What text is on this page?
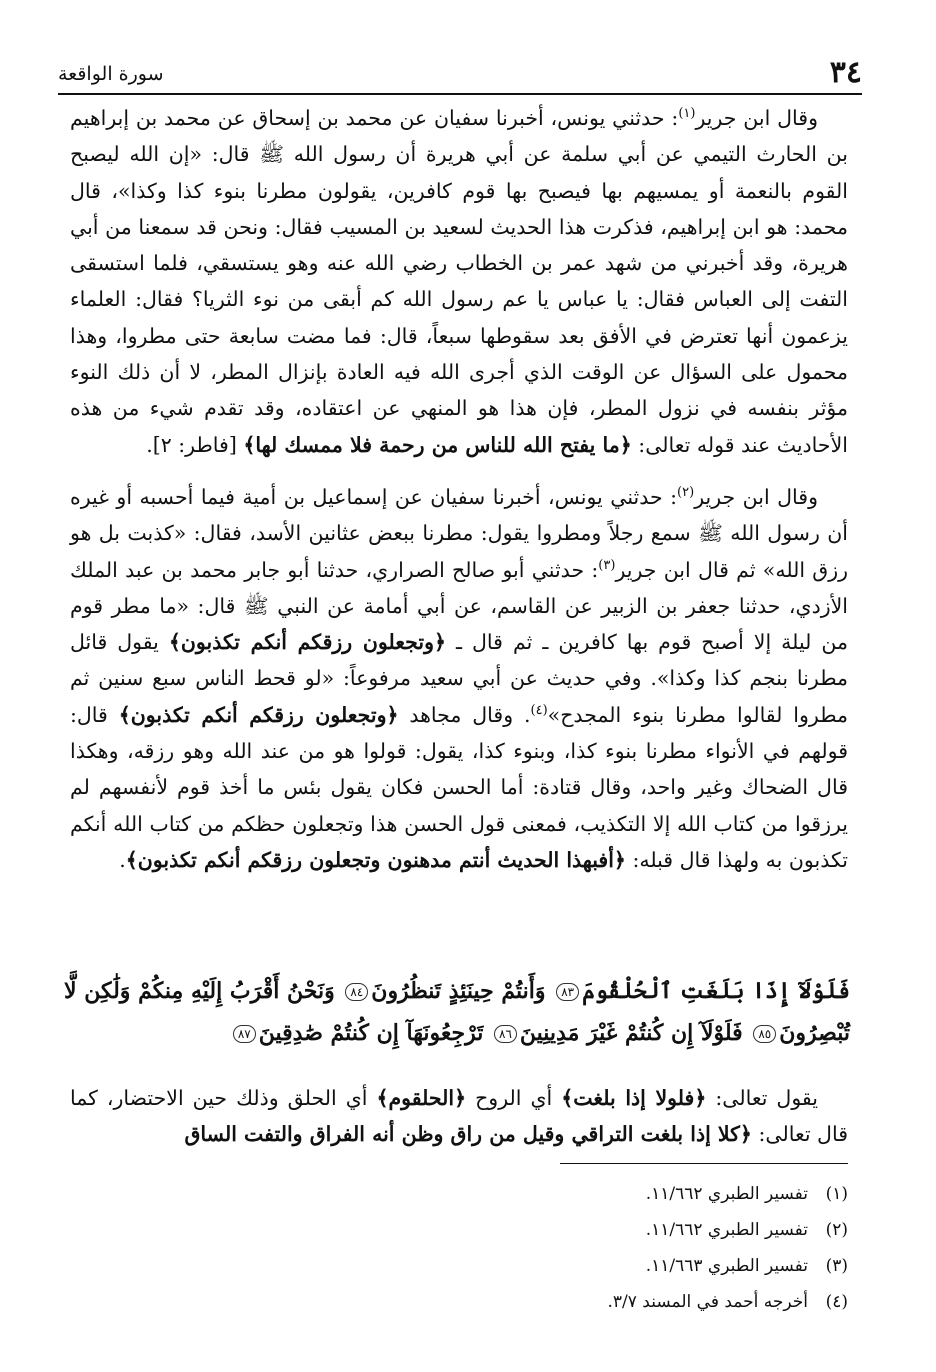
٣٤
سورة الواقعة

وقال ابن جرير$^{(١)}$: حدثني يونس، أخبرنا سفيان عن محمد بن إسحاق عن محمد بن إبراهيم بن الحارث التيمي عن أبي سلمة عن أبي هريرة أن رسول الله ﷺ قال: «إن الله ليصبح القوم بالنعمة أو يمسيهم بها فيصبح بها قوم كافرين، يقولون مطرنا بنوء كذا وكذا»، قال محمد: هو ابن إبراهيم، فذكرت هذا الحديث لسعيد بن المسيب فقال: ونحن قد سمعنا من أبي هريرة، وقد أخبرني من شهد عمر بن الخطاب رضي الله عنه وهو يستسقي، فلما استسقى التفت إلى العباس فقال: يا عباس يا عم رسول الله كم أبقى من نوء الثريا؟ فقال: العلماء يزعمون أنها تعترض في الأفق بعد سقوطها سبعاً، قال: فما مضت سابعة حتى مطروا، وهذا محمول على السؤال عن الوقت الذي أجرى الله فيه العادة بإنزال المطر، لا أن ذلك النوء مؤثر بنفسه في نزول المطر، فإن هذا هو المنهي عن اعتقاده، وقد تقدم شيء من هذه الأحاديث عند قوله تعالى: ﴿ما يفتح الله للناس من رحمة فلا ممسك لها﴾ [فاطر: ٢].

وقال ابن جرير$^{(٢)}$: حدثني يونس، أخبرنا سفيان عن إسماعيل بن أمية فيما أحسبه أو غيره أن رسول الله ﷺ سمع رجلاً ومطروا يقول: مطرنا ببعض عثانين الأسد، فقال: «كذبت بل هو رزق الله» ثم قال ابن جرير$^{(٣)}$: حدثني أبو صالح الصراري، حدثنا أبو جابر محمد بن عبد الملك الأزدي، حدثنا جعفر بن الزبير عن القاسم، عن أبي أمامة عن النبي ﷺ قال: «ما مطر قوم من ليلة إلا أصبح قوم بها كافرين ـ ثم قال ـ ﴿وتجعلون رزقكم أنكم تكذبون﴾ يقول قائل مطرنا بنجم كذا وكذا». وفي حديث عن أبي سعيد مرفوعاً: «لو قحط الناس سبع سنين ثم مطروا لقالوا مطرنا بنوء المجدح»$^{(٤)}$. وقال مجاهد ﴿وتجعلون رزقكم أنكم تكذبون﴾ قال: قولهم في الأنواء مطرنا بنوء كذا، وبنوء كذا، يقول: قولوا هو من عند الله وهو رزقه، وهكذا قال الضحاك وغير واحد، وقال قتادة: أما الحسن فكان يقول بئس ما أخذ قوم لأنفسهم لم يرزقوا من كتاب الله إلا التكذيب، فمعنى قول الحسن هذا وتجعلون حظكم من كتاب الله أنكم تكذبون به ولهذا قال قبله: ﴿أفبهذا الحديث أنتم مدهنون وتجعلون رزقكم أنكم تكذبون﴾.

فَلَوْلَآ إِذَا بَلَغَتِ ٱلْحُلْقُومَ٨٣ وَأَنتُمْ حِينَئِذٍ تَنظُرُونَ٨٤ وَنَحْنُ أَقْرَبُ إِلَيْهِ مِنكُمْ وَلَٰكِن لَّا تُبْصِرُونَ٨٥ فَلَوْلَآ إِن كُنتُمْ غَيْرَ مَدِينِينَ٨٦ تَرْجِعُونَهَآ إِن كُنتُمْ صَٰدِقِينَ٨٧

يقول تعالى: ﴿فلولا إذا بلغت﴾ أي الروح ﴿الحلقوم﴾ أي الحلق وذلك حين الاحتضار، كما قال تعالى: ﴿كلا إذا بلغت التراقي وقيل من راق وظن أنه الفراق والتفت الساق

(١)تفسير الطبري ١١/٦٦٢.
(٢)تفسير الطبري ١١/٦٦٢.
(٣)تفسير الطبري ١١/٦٦٣.
(٤)أخرجه أحمد في المسند ٣/٧.
